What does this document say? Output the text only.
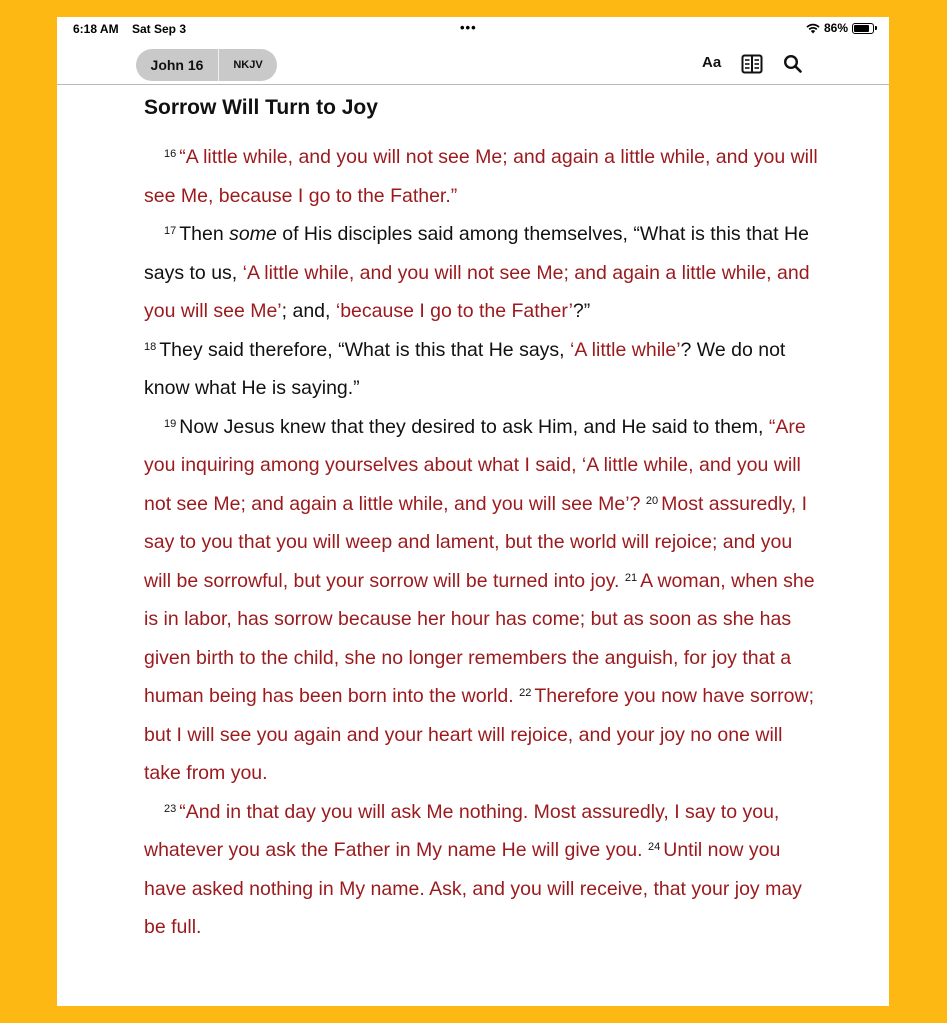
6:18 AM Sat Sep 3	•••	86%
John 16	NKJV	Aa
Sorrow Will Turn to Joy

$^{16}$ “A little while, and you will not see Me; and again a little while, and you will see Me, because I go to the Father.”

$^{17}$ Then some of His disciples said among themselves, “What is this that He says to us, ‘A little while, and you will not see Me; and again a little while, and you will see Me’; and, ‘because I go to the Father’?”
$^{18}$ They said therefore, “What is this that He says, ‘A little while’? We do not know what He is saying.”

$^{19}$ Now Jesus knew that they desired to ask Him, and He said to them, “Are you inquiring among yourselves about what I said, ‘A little while, and you will not see Me; and again a little while, and you will see Me’? $^{20}$ Most assuredly, I say to you that you will weep and lament, but the world will rejoice; and you will be sorrowful, but your sorrow will be turned into joy. $^{21}$ A woman, when she is in labor, has sorrow because her hour has come; but as soon as she has given birth to the child, she no longer remembers the anguish, for joy that a human being has been born into the world. $^{22}$ Therefore you now have sorrow; but I will see you again and your heart will rejoice, and your joy no one will take from you.

$^{23}$ “And in that day you will ask Me nothing. Most assuredly, I say to you, whatever you ask the Father in My name He will give you. $^{24}$ Until now you have asked nothing in My name. Ask, and you will receive, that your joy may be full.
